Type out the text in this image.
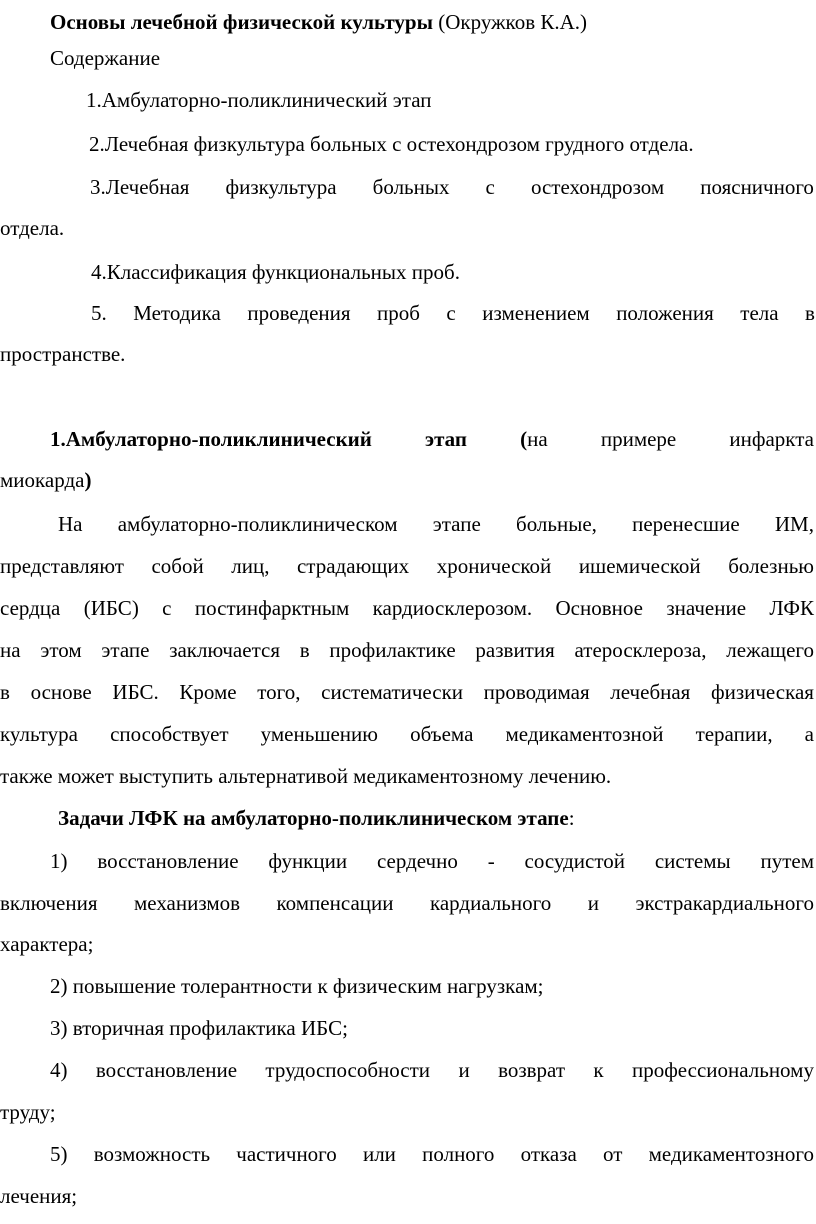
Основы лечебной физической культуры (Окружков К.А.)
Содержание
1.Амбулаторно-поликлинический этап
2.Лечебная физкультура больных с остехондрозом грудного отдела.
3.Лечебная физкультура больных с остехондрозом поясничного
отдела.
4.Классификация функциональных проб.
5. Методика проведения проб с изменением положения тела в
пространстве.
1.Амбулаторно-поликлинический	этап	(на	примере	инфаркта
миокарда)
На амбулаторно-поликлиническом этапе больные, перенесшие ИМ,
представляют собой лиц, страдающих хронической ишемической болезнью
сердца (ИБС) с постинфарктным кардиосклерозом. Основное значение ЛФК
на этом этапе заключается в профилактике развития атеросклероза, лежащего
в основе ИБС. Кроме того, систематически проводимая лечебная физическая
культура способствует уменьшению объема медикаментозной терапии, а
также может выступить альтернативой медикаментозному лечению.
Задачи ЛФК на амбулаторно-поликлиническом этапе:
1) восстановление функции сердечно - сосудистой системы путем
включения механизмов компенсации кардиального и экстракардиального
характера;
2) повышение толерантности к физическим нагрузкам;
3) вторичная профилактика ИБС;
4) восстановление трудоспособности и возврат к профессиональному
труду;
5) возможность частичного или полного отказа от медикаментозного
лечения;
